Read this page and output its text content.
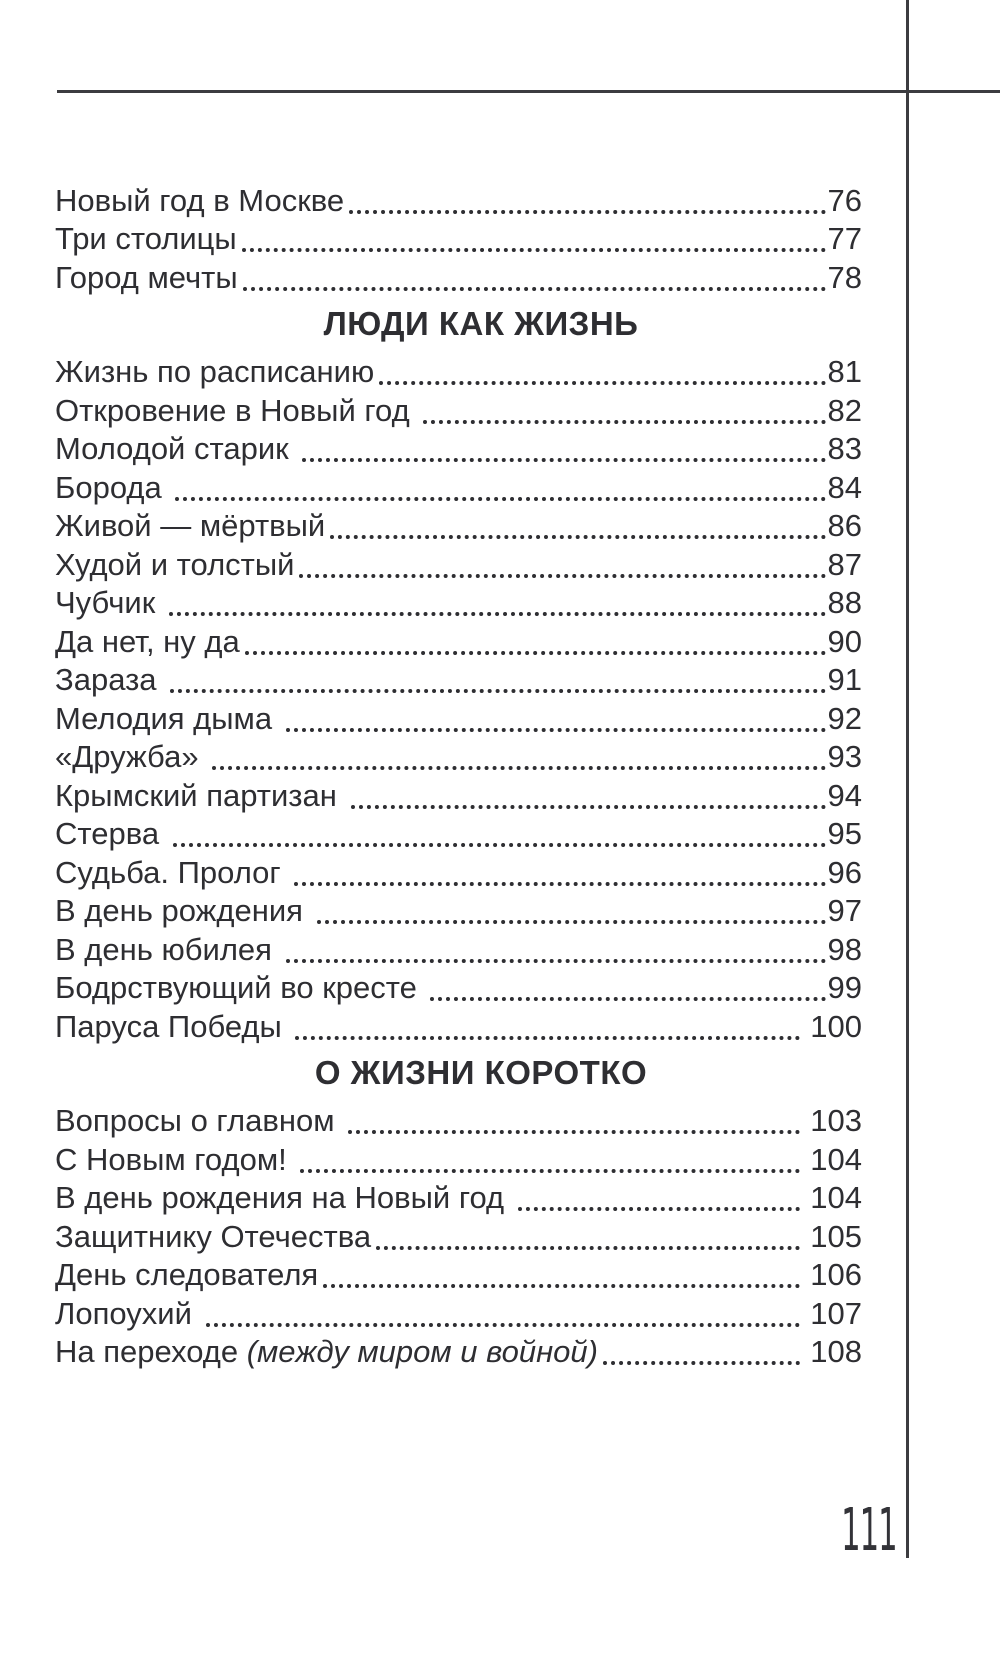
Новый год в Москве	76
Три столицы	77
Город мечты	78
ЛЮДИ КАК ЖИЗНЬ
Жизнь по расписанию	81
Откровение в Новый год	82
Молодой старик	83
Борода	84
Живой — мёртвый	86
Худой и толстый	87
Чубчик	88
Да нет, ну да	90
Зараза	91
Мелодия дыма	92
«Дружба»	93
Крымский партизан	94
Стерва	95
Судьба. Пролог	96
В день рождения	97
В день юбилея	98
Бодрствующий во кресте	99
Паруса Победы	100
О ЖИЗНИ КОРОТКО
Вопросы о главном	103
С Новым годом!	104
В день рождения на Новый год	104
Защитнику Отечества	105
День следователя	106
Лопоухий	107
На переходе (между миром и войной)	108
111
